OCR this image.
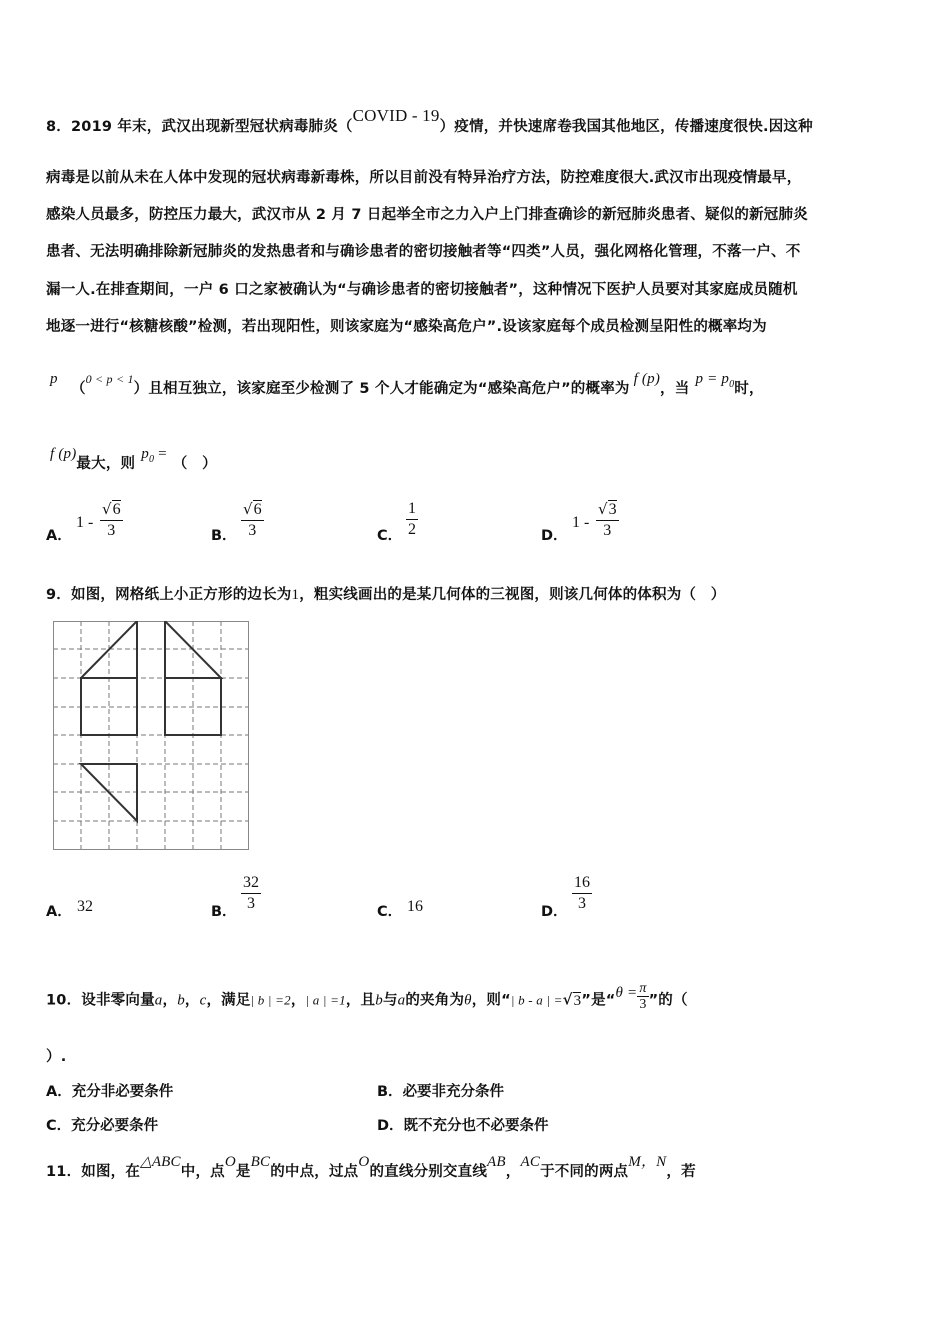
8．2019 年末，武汉出现新型冠状病毒肺炎（COVID - 19）疫情，并快速席卷我国其他地区，传播速度很快.因这种
病毒是以前从未在人体中发现的冠状病毒新毒株，所以目前没有特异治疗方法，防控难度很大.武汉市出现疫情最早，
感染人员最多，防控压力最大，武汉市从 2 月 7 日起举全市之力入户上门排查确诊的新冠肺炎患者、疑似的新冠肺炎
患者、无法明确排除新冠肺炎的发热患者和与确诊患者的密切接触者等“四类”人员，强化网格化管理，不落一户、不
漏一人.在排查期间，一户 6 口之家被确认为“与确诊患者的密切接触者”，这种情况下医护人员要对其家庭成员随机
地逐一进行“核糖核酸”检测，若出现阳性，则该家庭为“感染高危户”.设该家庭每个成员检测呈阳性的概率均为
p （$^{0 < p < 1}$）且相互独立，该家庭至少检测了 5 个人才能确定为“感染高危户”的概率为f (p)，当$p = p^0$时，
f (p)最大，则$p^0$ =（　）
A．
$1 - \frac{√6}{3}$	B． $\frac{√6}{3}$	C． $\frac{1}{2}$	D．
$1 - \frac{√3}{3}$
9．如图，网格纸上小正方形的边长为1，粗实线画出的是某几何体的三视图，则该几何体的体积为（　）
A． 32	B． $\frac{32}{3}$	C． 16	D． $\frac{16}{3}$
10．设非零向量a，b，c，满足| b | =2，| a | =1，且b与a的夹角为θ，则“| b - a | =√3”是“$\theta = \frac{\pi}{3}$ ”的（
）.
A．充分非必要条件	B．必要非充分条件
C．充分必要条件	D．既不充分也不必要条件
11．如图，在△ABC中，点O是BC的中点，过点O的直线分别交直线AB，AC于不同的两点M，N，若
